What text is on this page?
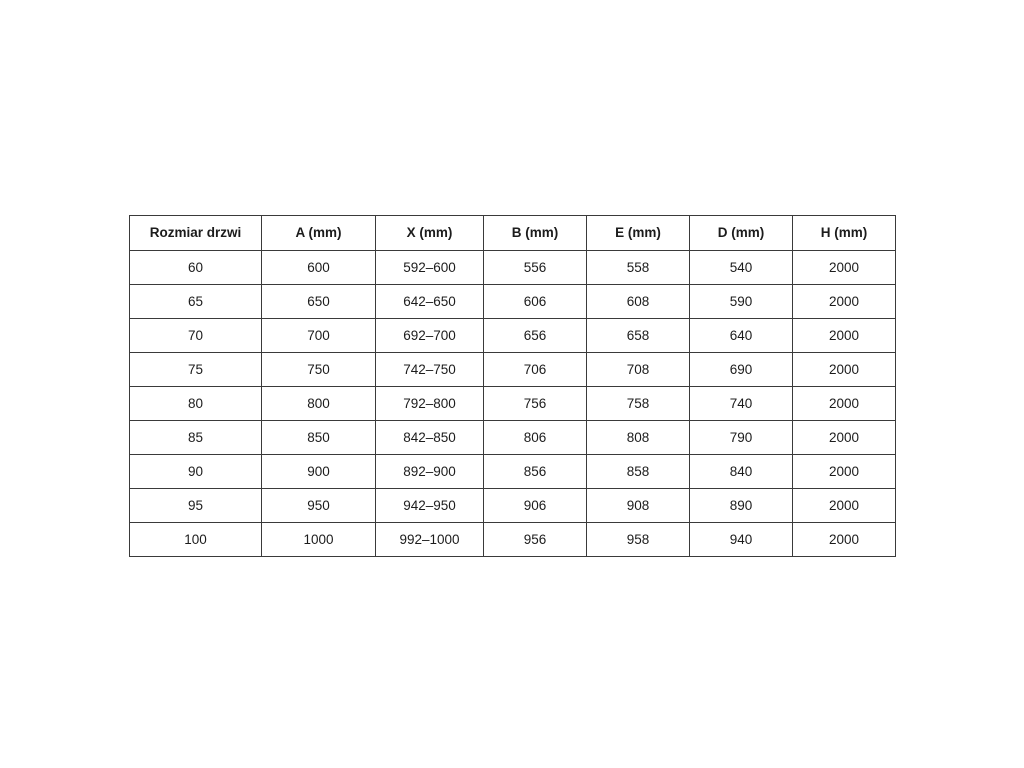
Rozmiar drzwi	A (mm)	X (mm)	B (mm)	E (mm)	D (mm)	H (mm)
60	600	592–600	556	558	540	2000
65	650	642–650	606	608	590	2000
70	700	692–700	656	658	640	2000
75	750	742–750	706	708	690	2000
80	800	792–800	756	758	740	2000
85	850	842–850	806	808	790	2000
90	900	892–900	856	858	840	2000
95	950	942–950	906	908	890	2000
100	1000	992–1000	956	958	940	2000
